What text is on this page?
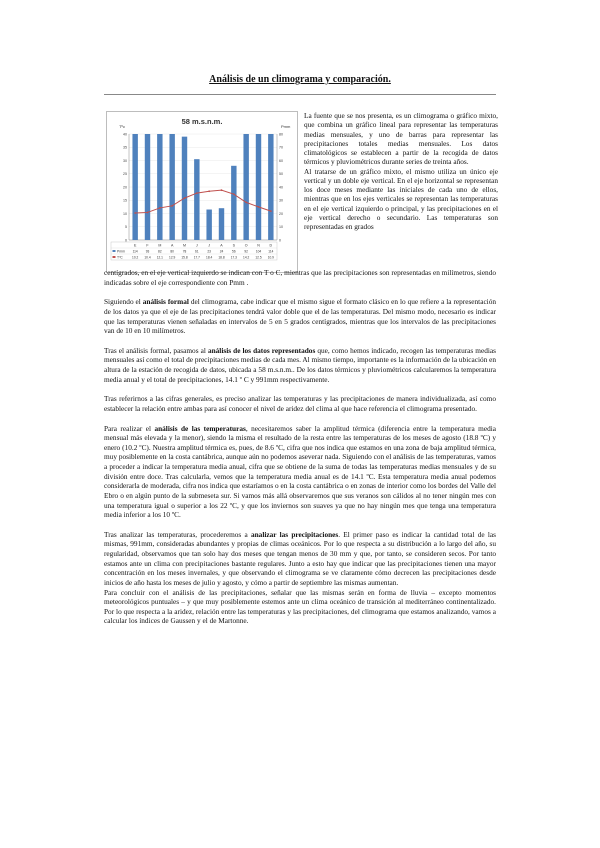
Análisis de un climograma y comparación.
58 m.s.n.m.
Tºc	Pmm
0
5
10
15
20
25
30
35
40
0
10
20
30
40
50
60
70
80
E	F	M	A	M	J	J	A	S	O	N	D
Pmm 114	93	82	80	78	61	23	24	56	92 104 114
TºC	10.2 10.4 12.1 12.9 15.8 17.7 18.4 18.8 17.3 14.2 12.5 10.9

La fuente que se nos presenta, es un climograma o gráfico mixto, que combina un gráfico lineal para representar las temperaturas medias mensuales, y uno de barras para representar las precipitaciones totales medias mensuales. Los datos climatológicos se establecen a partir de la recogida de datos térmicos y pluviométricos durante series de treinta años.

Al tratarse de un gráfico mixto, el mismo utiliza un único eje vertical y un doble eje vertical. En el eje horizontal se representan los doce meses mediante las iniciales de cada uno de ellos, mientras que en los ejes verticales se representan las temperaturas en el eje vertical izquierdo o principal, y las precipitaciones en el eje vertical derecho o secundario. Las temperaturas son representadas en grados

centígrados, en el eje vertical izquierdo se indican con T o C, mientras que las precipitaciones son representadas en milímetros, siendo indicadas sobre el eje correspondiente con Pmm .

Siguiendo el análisis formal del climograma, cabe indicar que el mismo sigue el formato clásico en lo que refiere a la representación de los datos ya que el eje de las precipitaciones tendrá valor doble que el de las temperaturas. Del mismo modo, necesario es indicar que las temperaturas vienen señaladas en intervalos de 5 en 5 grados centígrados, mientras que los intervalos de las precipitaciones van de 10 en 10 milímetros.

Tras el análisis formal, pasamos al análisis de los datos representados que, como hemos indicado, recogen las temperaturas medias mensuales así como el total de precipitaciones medias de cada mes. Al mismo tiempo, importante es la información de la ubicación en altura de la estación de recogida de datos, ubicada a 58 m.s.n.m.. De los datos térmicos y pluviométricos calcularemos la temperatura media anual y el total de precipitaciones, 14.1 º C y 991mm respectivamente.

Tras referirnos a las cifras generales, es preciso analizar las temperaturas y las precipitaciones de manera individualizada, así como establecer la relación entre ambas para así conocer el nivel de aridez del clima al que hace referencia el climograma presentado.

Para realizar el análisis de las temperaturas, necesitaremos saber la amplitud térmica (diferencia entre la temperatura media mensual más elevada y la menor), siendo la misma el resultado de la resta entre las temperaturas de los meses de agosto (18.8 ºC) y enero (10.2 ºC). Nuestra amplitud térmica es, pues, de 8.6 ºC, cifra que nos indica que estamos en una zona de baja amplitud térmica, muy posiblemente en la costa cantábrica, aunque aún no podemos aseverar nada. Siguiendo con el análisis de las temperaturas, vamos a proceder a indicar la temperatura media anual, cifra que se obtiene de la suma de todas las temperaturas medias mensuales y de su división entre doce. Tras calcularla, vemos que la temperatura media anual es de 14.1 ºC. Esta temperatura media anual podemos considerarla de moderada, cifra nos indica que estaríamos o en la costa cantábrica o en zonas de interior como los bordes del Valle del Ebro o en algún punto de la submeseta sur. Si vamos más allá observaremos que sus veranos son cálidos al no tener ningún mes con una temperatura igual o superior a los 22 ºC, y que los inviernos son suaves ya que no hay ningún mes que tenga una temperatura media inferior a los 10 ºC.

Tras analizar las temperaturas, procederemos a analizar las precipitaciones. El primer paso es indicar la cantidad total de las mismas, 991mm, consideradas abundantes y propias de climas oceánicos. Por lo que respecta a su distribución a lo largo del año, su regularidad, observamos que tan solo hay dos meses que tengan menos de 30 mm y que, por tanto, se consideren secos. Por tanto estamos ante un clima con precipitaciones bastante regulares. Junto a esto hay que indicar que las precipitaciones tienen una mayor concentración en los meses invernales, y que observando el climograma se ve claramente cómo decrecen las precipitaciones desde inicios de año hasta los meses de julio y agosto, y cómo a partir de septiembre las mismas aumentan.

Para concluir con el análisis de las precipitaciones, señalar que las mismas serán en forma de lluvia – excepto momentos meteorológicos puntuales – y que muy posiblemente estemos ante un clima oceánico de transición al mediterráneo continentalizado. Por lo que respecta a la aridez, relación entre las temperaturas y las precipitaciones, del climograma que estamos analizando, vamos a calcular los índices de Gaussen y el de Martonne.
